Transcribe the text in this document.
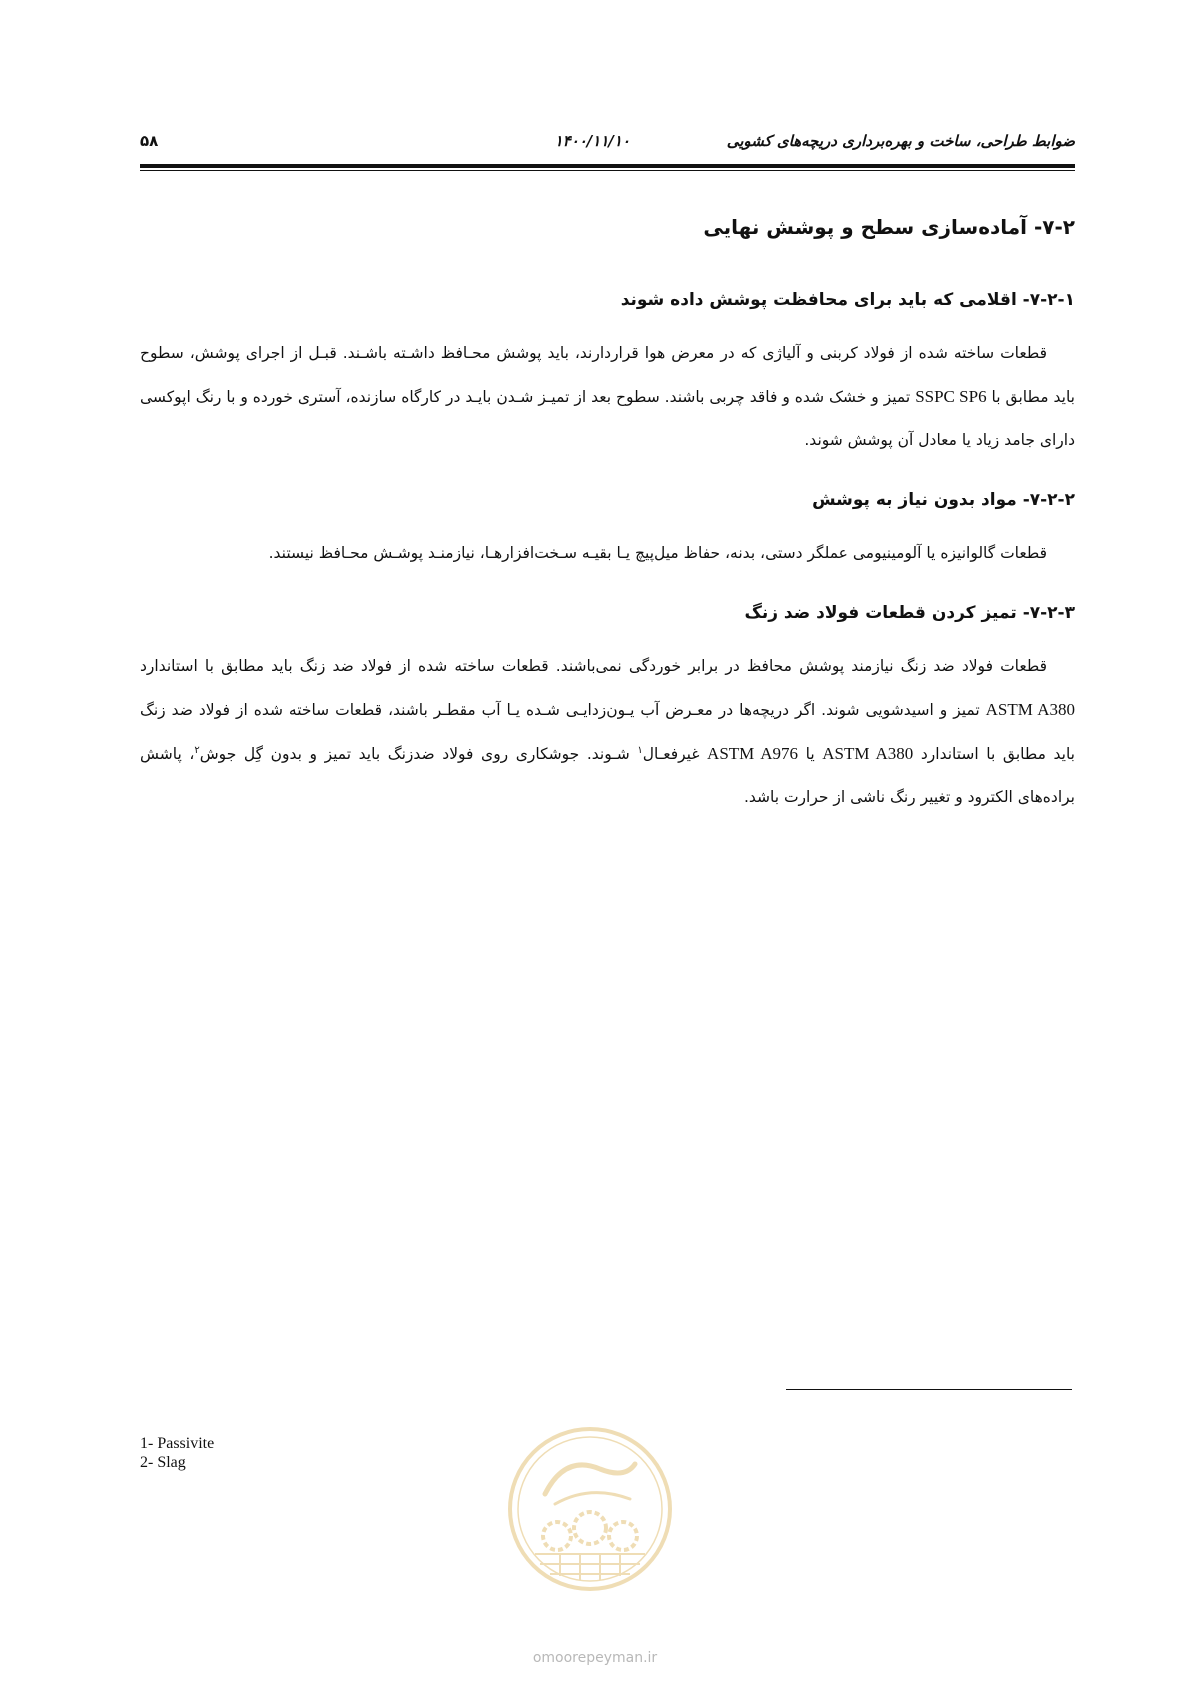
ضوابط طراحی، ساخت و بهره‌برداری دریچه‌های کشویی
۱۴۰۰/۱۱/۱۰
۵۸
۷-۲- آماده‌سازی سطح و پوشش نهایی
۷-۲-۱- اقلامی که باید برای محافظت پوشش داده شوند

قطعات ساخته شده از فولاد کربنی و آلیاژی که در معرض هوا قراردارند، باید پوشش محـافظ داشـته باشـند. قبـل از اجرای پوشش، سطوح باید مطابق با SSPC SP6 تمیز و خشک شده و فاقد چربی باشند. سطوح بعد از تمیـز شـدن بایـد در کارگاه سازنده، آستری خورده و با رنگ اپوکسی دارای جامد زیاد یا معادل آن پوشش شوند.

۷-۲-۲- مواد بدون نیاز به پوشش

قطعات گالوانیزه یا آلومینیومی عملگر دستی، بدنه، حفاظ میل‌پیچ یـا بقیـه سـخت‌افزارهـا، نیازمنـد پوشـش محـافظ نیستند.

۷-۲-۳- تمیز کردن قطعات فولاد ضد زنگ

قطعات فولاد ضد زنگ نیازمند پوشش محافظ در برابر خوردگی نمی‌باشند. قطعات ساخته شده از فولاد ضد زنگ باید مطابق با استاندارد ASTM A380 تمیز و اسیدشویی شوند. اگر دریچه‌ها در معـرض آب یـون‌زدایـی شـده یـا آب مقطـر باشند، قطعات ساخته شده از فولاد ضد زنگ باید مطابق با استاندارد ASTM A380 یا ASTM A976 غیرفعـال$^۱$ شـوند. جوشکاری روی فولاد ضدزنگ باید تمیز و بدون گِل جوش$^۲$، پاشش براده‌های الکترود و تغییر رنگ ناشی از حرارت باشد.

1- Passivite
2- Slag
omoorepeyman.ir
